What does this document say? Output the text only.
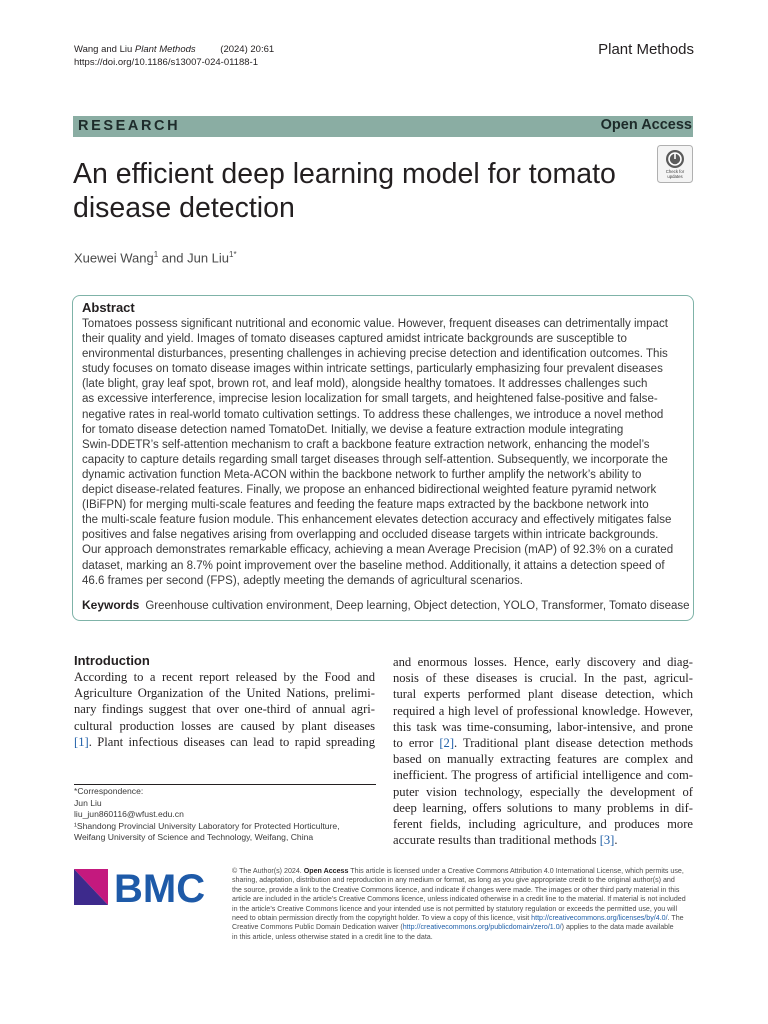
Wang and Liu Plant Methods	(2024) 20:61
https://doi.org/10.1186/s13007-024-01188-1
Plant Methods
RESEARCH	Open Access
An efficient deep learning model for tomato
disease detection
Check for
updates
Xuewei Wang$^1$ and Jun Liu$^{1*}$
Abstract
Tomatoes possess significant nutritional and economic value. However, frequent diseases can detrimentally impact
their quality and yield. Images of tomato diseases captured amidst intricate backgrounds are susceptible to
environmental disturbances, presenting challenges in achieving precise detection and identification outcomes. This
study focuses on tomato disease images within intricate settings, particularly emphasizing four prevalent diseases
(late blight, gray leaf spot, brown rot, and leaf mold), alongside healthy tomatoes. It addresses challenges such
as excessive interference, imprecise lesion localization for small targets, and heightened false-positive and false-
negative rates in real-world tomato cultivation settings. To address these challenges, we introduce a novel method
for tomato disease detection named TomatoDet. Initially, we devise a feature extraction module integrating
Swin-DDETR’s self-attention mechanism to craft a backbone feature extraction network, enhancing the model’s
capacity to capture details regarding small target diseases through self-attention. Subsequently, we incorporate the
dynamic activation function Meta-ACON within the backbone network to further amplify the network’s ability to
depict disease-related features. Finally, we propose an enhanced bidirectional weighted feature pyramid network
(IBiFPN) for merging multi-scale features and feeding the feature maps extracted by the backbone network into
the multi-scale feature fusion module. This enhancement elevates detection accuracy and effectively mitigates false
positives and false negatives arising from overlapping and occluded disease targets within intricate backgrounds.
Our approach demonstrates remarkable efficacy, achieving a mean Average Precision (mAP) of 92.3% on a curated
dataset, marking an 8.7% point improvement over the baseline method. Additionally, it attains a detection speed of
46.6 frames per second (FPS), adeptly meeting the demands of agricultural scenarios.
Keywords Greenhouse cultivation environment, Deep learning, Object detection, YOLO, Transformer, Tomato disease
Introduction
According to a recent report released by the Food and
Agriculture Organization of the United Nations, prelimi-
nary findings suggest that over one-third of annual agri-
cultural production losses are caused by plant diseases
[1]. Plant infectious diseases can lead to rapid spreading
and enormous losses. Hence, early discovery and diag-
nosis of these diseases is crucial. In the past, agricul-
tural experts performed plant disease detection, which
required a high level of professional knowledge. However,
this task was time-consuming, labor-intensive, and prone
to error [2]. Traditional plant disease detection methods
based on manually extracting features are complex and
inefficient. The progress of artificial intelligence and com-
puter vision technology, especially the development of
deep learning, offers solutions to many problems in dif-
ferent fields, including agriculture, and produces more
accurate results than traditional methods [3].
*Correspondence:
Jun Liu
liu_jun860116@wfust.edu.cn
¹Shandong Provincial University Laboratory for Protected Horticulture,
Weifang University of Science and Technology, Weifang, China
BMC	© The Author(s) 2024. Open Access This article is licensed under a Creative Commons Attribution 4.0 International License, which permits use,
sharing, adaptation, distribution and reproduction in any medium or format, as long as you give appropriate credit to the original author(s) and
the source, provide a link to the Creative Commons licence, and indicate if changes were made. The images or other third party material in this
article are included in the article’s Creative Commons licence, unless indicated otherwise in a credit line to the material. If material is not included
in the article’s Creative Commons licence and your intended use is not permitted by statutory regulation or exceeds the permitted use, you will
need to obtain permission directly from the copyright holder. To view a copy of this licence, visit http://creativecommons.org/licenses/by/4.0/. The
Creative Commons Public Domain Dedication waiver (http://creativecommons.org/publicdomain/zero/1.0/) applies to the data made available
in this article, unless otherwise stated in a credit line to the data.
